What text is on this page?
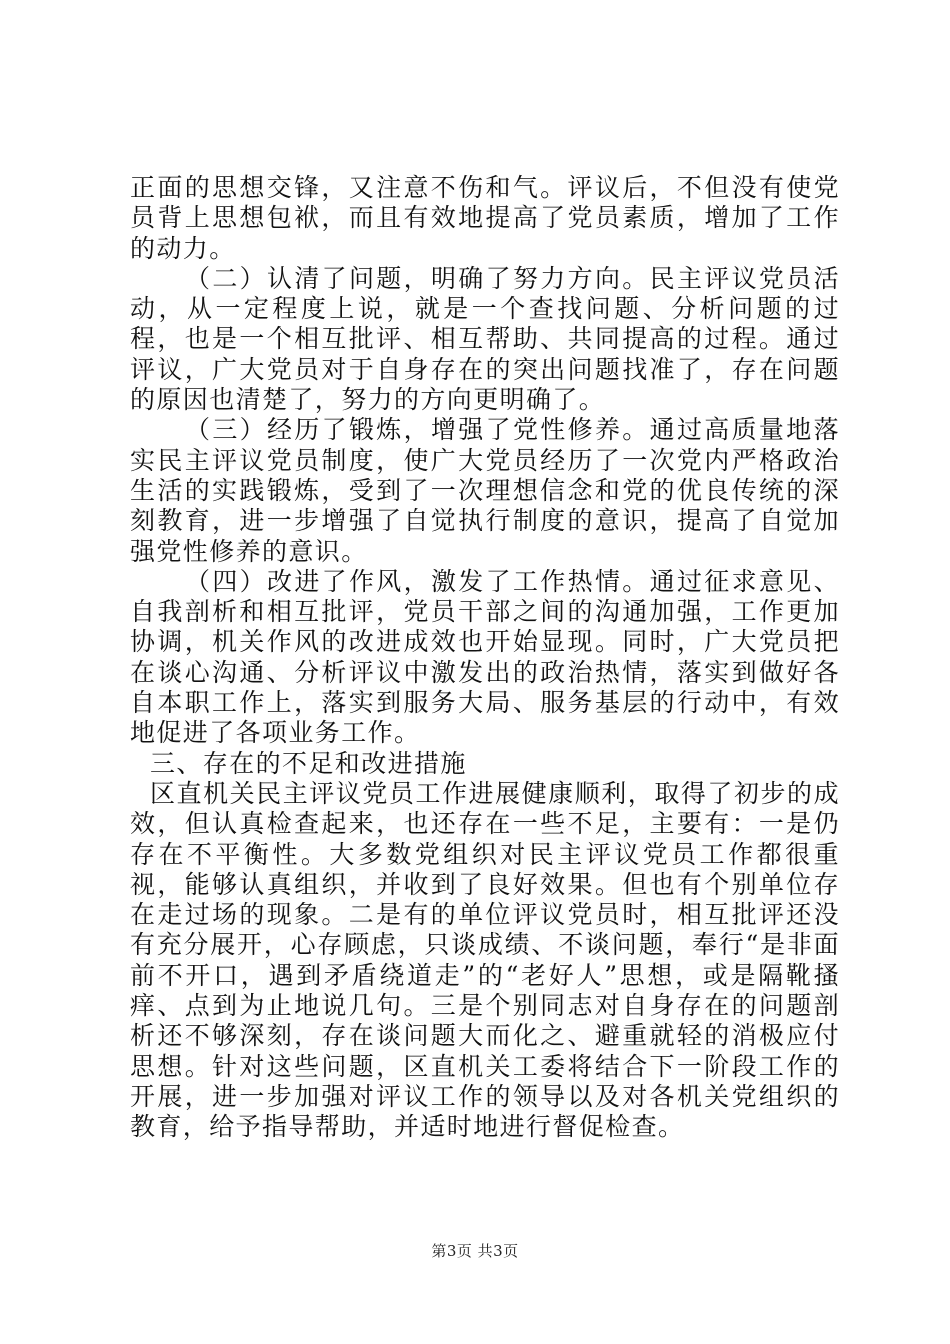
正面的思想交锋，又注意不伤和气。评议后，不但没有使党员背上思想包袱，而且有效地提高了党员素质，增加了工作的动力。

（二）认清了问题，明确了努力方向。民主评议党员活动，从一定程度上说，就是一个查找问题、分析问题的过程，也是一个相互批评、相互帮助、共同提高的过程。通过评议，广大党员对于自身存在的突出问题找准了，存在问题的原因也清楚了，努力的方向更明确了。

（三）经历了锻炼，增强了党性修养。通过高质量地落实民主评议党员制度，使广大党员经历了一次党内严格政治生活的实践锻炼，受到了一次理想信念和党的优良传统的深刻教育，进一步增强了自觉执行制度的意识，提高了自觉加强党性修养的意识。

（四）改进了作风，激发了工作热情。通过征求意见、自我剖析和相互批评，党员干部之间的沟通加强，工作更加协调，机关作风的改进成效也开始显现。同时，广大党员把在谈心沟通、分析评议中激发出的政治热情，落实到做好各自本职工作上，落实到服务大局、服务基层的行动中，有效地促进了各项业务工作。

三、存在的不足和改进措施

区直机关民主评议党员工作进展健康顺利，取得了初步的成效，但认真检查起来，也还存在一些不足，主要有：一是仍存在不平衡性。大多数党组织对民主评议党员工作都很重视，能够认真组织，并收到了良好效果。但也有个别单位存在走过场的现象。二是有的单位评议党员时，相互批评还没有充分展开，心存顾虑，只谈成绩、不谈问题，奉行“是非面前不开口，遇到矛盾绕道走”的“老好人”思想，或是隔靴搔痒、点到为止地说几句。三是个别同志对自身存在的问题剖析还不够深刻，存在谈问题大而化之、避重就轻的消极应付思想。针对这些问题，区直机关工委将结合下一阶段工作的开展，进一步加强对评议工作的领导以及对各机关党组织的教育，给予指导帮助，并适时地进行督促检查。

第3页 共3页
